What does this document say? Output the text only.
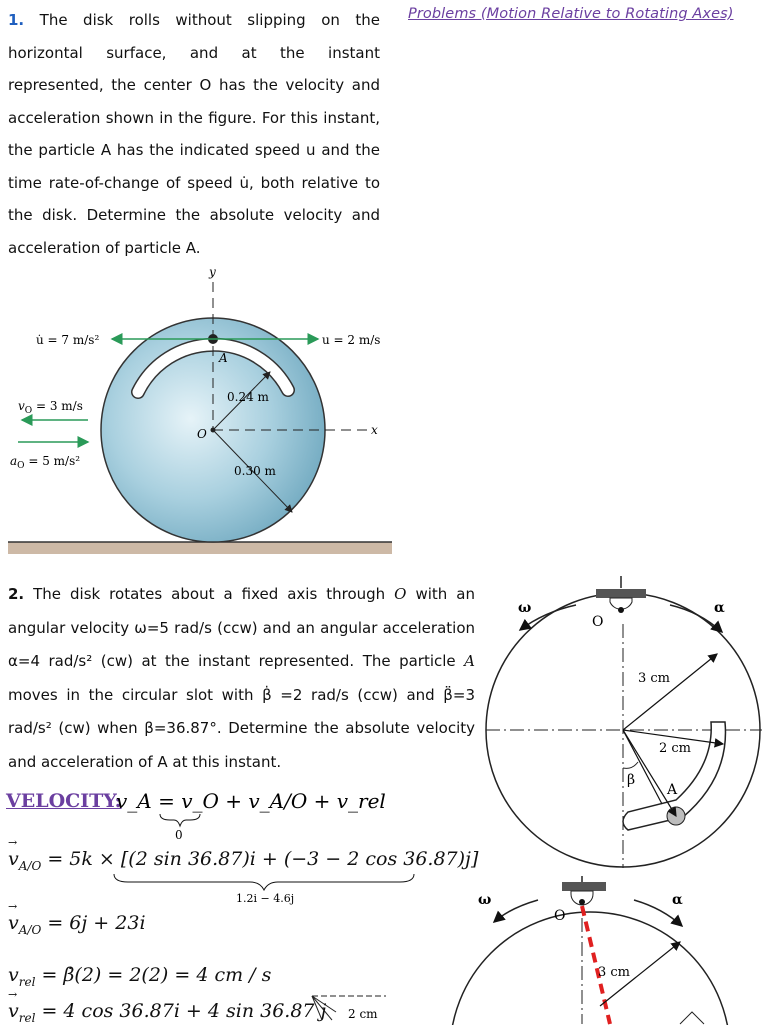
Problems (Motion Relative to Rotating Axes)
1. The disk rolls without slipping on the horizontal surface, and at the instant represented, the center O has the velocity and acceleration shown in the figure. For this instant, the particle A has the indicated speed u and the time rate-of-change of speed u̇, both relative to the disk. Determine the absolute velocity and acceleration of particle A.
y
x
A
u̇ = 7 m/s²	u = 2 m/s
O
0.24 m
0.30 m
$v_O = 3$ m/s
$a_O = 5$ m/s²
2. The disk rotates about a fixed axis through O with an angular velocity ω=5 rad/s (ccw) and an angular acceleration α=4 rad/s² (cw) at the instant represented. The particle A moves in the circular slot with β̇ =2 rad/s (ccw) and β̈=3 rad/s² (cw) when β=36.87°. Determine the absolute velocity and acceleration of A at this instant.
O
ω	α
A
3 cm
2 cm
β
VELOCITY:
v_A = v_O + v_A/O + v_rel
0
→ $v_{A/O} = 5k \times [(2$ sin 36.87)i + (−3 − 2 cos 36.87)j]
1.2i − 4.6j
→ $v_{A/O} = 6j + 23i$
$v_{rel}$ = β̇(2) = 2(2) = 4 cm / s
→ $v_{rel} = 4$ cos 36.87i + 4 sin 36.87 j 2 cm
O
ω	α
3 cm
